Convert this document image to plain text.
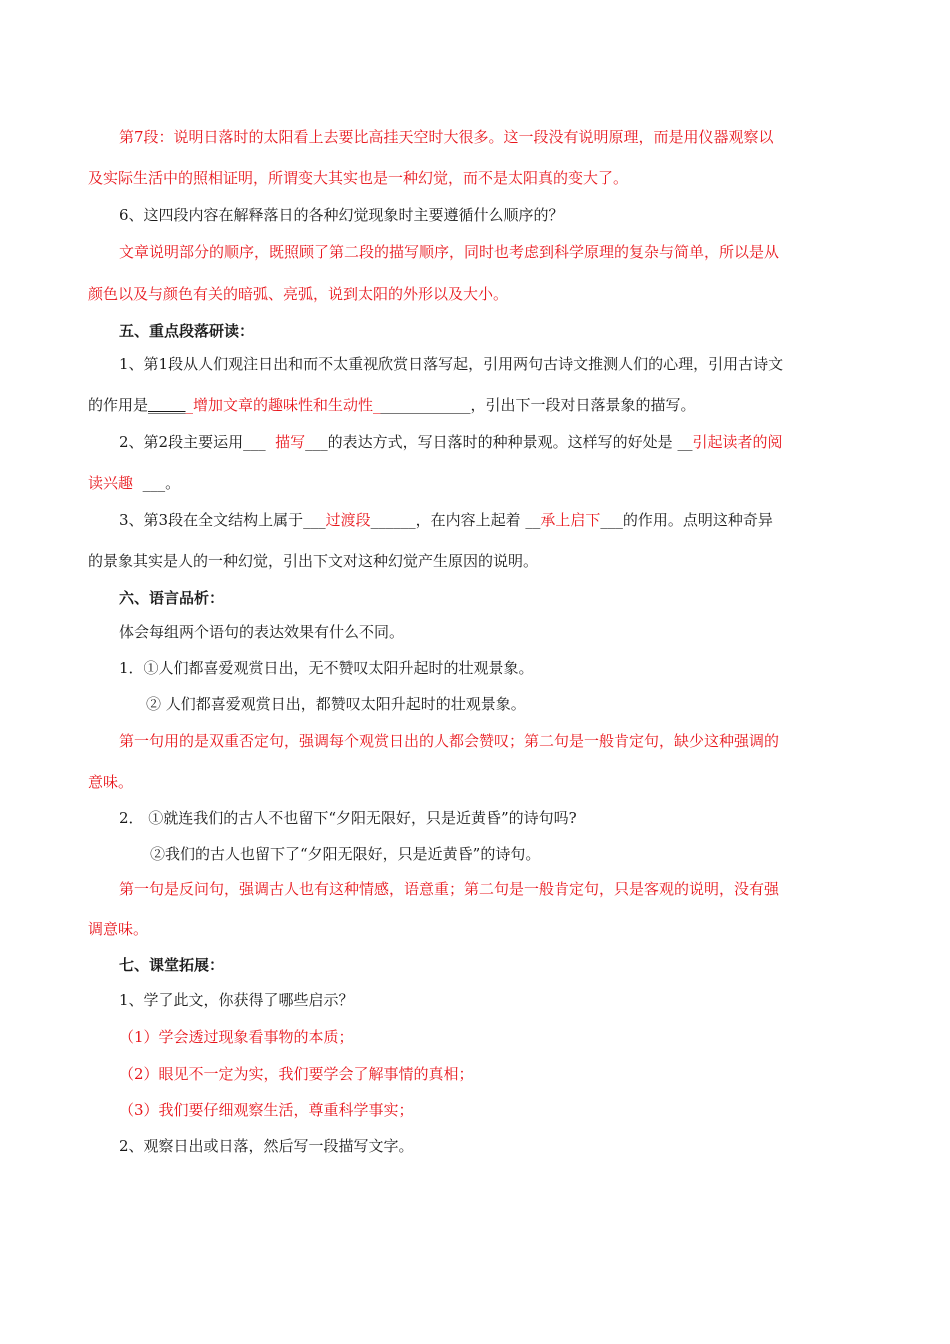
第7段：说明日落时的太阳看上去要比高挂天空时大很多。这一段没有说明原理，而是用仪器观察以
及实际生活中的照相证明，所谓变大其实也是一种幻觉，而不是太阳真的变大了。
6、这四段内容在解释落日的各种幻觉现象时主要遵循什么顺序的？
文章说明部分的顺序，既照顾了第二段的描写顺序，同时也考虑到科学原理的复杂与简单，所以是从
颜色以及与颜色有关的暗弧、亮弧，说到太阳的外形以及大小。
五、重点段落研读：
1、第1段从人们观注日出和而不太重视欣赏日落写起，引用两句古诗文推测人们的心理，引用古诗文
的作用是______增加文章的趣味性和生动性_____________，引出下一段对日落景象的描写。
2、第2段主要运用___ 描写___的表达方式，写日落时的种种景观。这样写的好处是 __引起读者的阅
读兴趣 ___。
3、第3段在全文结构上属于___过渡段______，在内容上起着 __承上启下___的作用。点明这种奇异
的景象其实是人的一种幻觉，引出下文对这种幻觉产生原因的说明。
六、语言品析：
体会每组两个语句的表达效果有什么不同。
1．①人们都喜爱观赏日出，无不赞叹太阳升起时的壮观景象。
② 人们都喜爱观赏日出，都赞叹太阳升起时的壮观景象。
第一句用的是双重否定句，强调每个观赏日出的人都会赞叹；第二句是一般肯定句，缺少这种强调的
意味。
2． ①就连我们的古人不也留下“夕阳无限好，只是近黄昏”的诗句吗?
②我们的古人也留下了“夕阳无限好，只是近黄昏”的诗句。
第一句是反问句，强调古人也有这种情感，语意重；第二句是一般肯定句，只是客观的说明，没有强
调意味。
七、课堂拓展：
1、学了此文，你获得了哪些启示？
（1）学会透过现象看事物的本质；
（2）眼见不一定为实，我们要学会了解事情的真相；
（3）我们要仔细观察生活，尊重科学事实；
2、观察日出或日落，然后写一段描写文字。
